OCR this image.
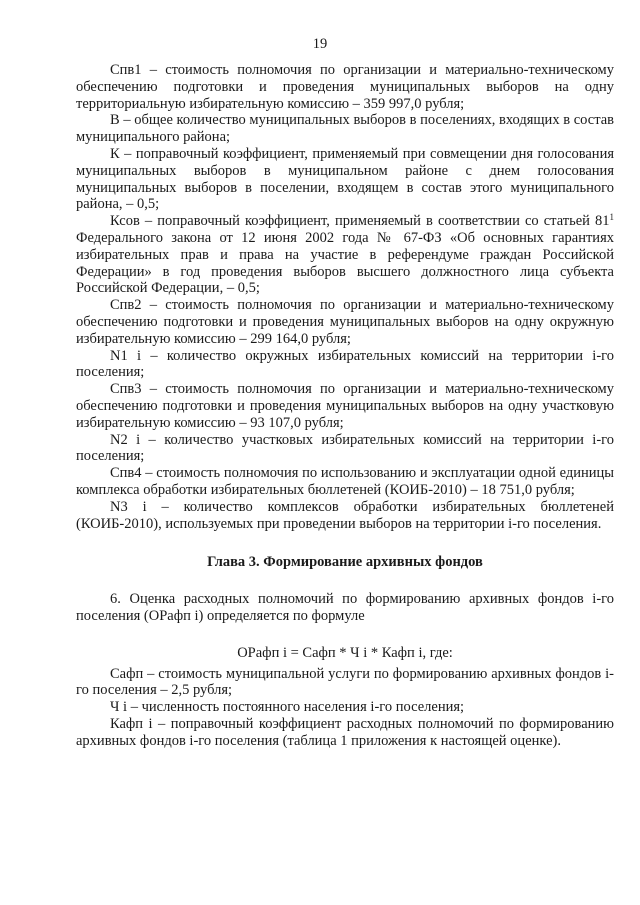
19

Спв1 – стоимость полномочия по организации и материально-техническому обеспечению подготовки и проведения муниципальных выборов на одну территориальную избирательную комиссию – 359 997,0 рубля;

В – общее количество муниципальных выборов в поселениях, входящих в состав муниципального района;

К – поправочный коэффициент, применяемый при совмещении дня голосования муниципальных выборов в муниципальном районе с днем голосования муниципальных выборов в поселении, входящем в состав этого муниципального района, – 0,5;

Ксов – поправочный коэффициент, применяемый в соответствии со статьей $81^1$ Федерального закона от 12 июня 2002 года № 67-ФЗ «Об основных гарантиях избирательных прав и права на участие в референдуме граждан Российской Федерации» в год проведения выборов высшего должностного лица субъекта Российской Федерации, – 0,5;

Спв2 – стоимость полномочия по организации и материально-техническому обеспечению подготовки и проведения муниципальных выборов на одну окружную избирательную комиссию – 299 164,0 рубля;

N1 i – количество окружных избирательных комиссий на территории i-го поселения;

Спв3 – стоимость полномочия по организации и материально-техническому обеспечению подготовки и проведения муниципальных выборов на одну участковую избирательную комиссию – 93 107,0 рубля;

N2 i – количество участковых избирательных комиссий на территории i-го поселения;

Спв4 – стоимость полномочия по использованию и эксплуатации одной единицы комплекса обработки избирательных бюллетеней (КОИБ-2010) – 18 751,0 рубля;

N3 i – количество комплексов обработки избирательных бюллетеней (КОИБ-2010), используемых при проведении выборов на территории i-го поселения.

Глава 3. Формирование архивных фондов

6. Оценка расходных полномочий по формированию архивных фондов i-го поселения (ОРафп i) определяется по формуле

ОРафп i = Сафп * Ч i * Кафп i, где:

Сафп – стоимость муниципальной услуги по формированию архивных фондов i-го поселения – 2,5 рубля;

Ч i – численность постоянного населения i-го поселения;

Кафп i – поправочный коэффициент расходных полномочий по формированию архивных фондов i-го поселения (таблица 1 приложения к настоящей оценке).
